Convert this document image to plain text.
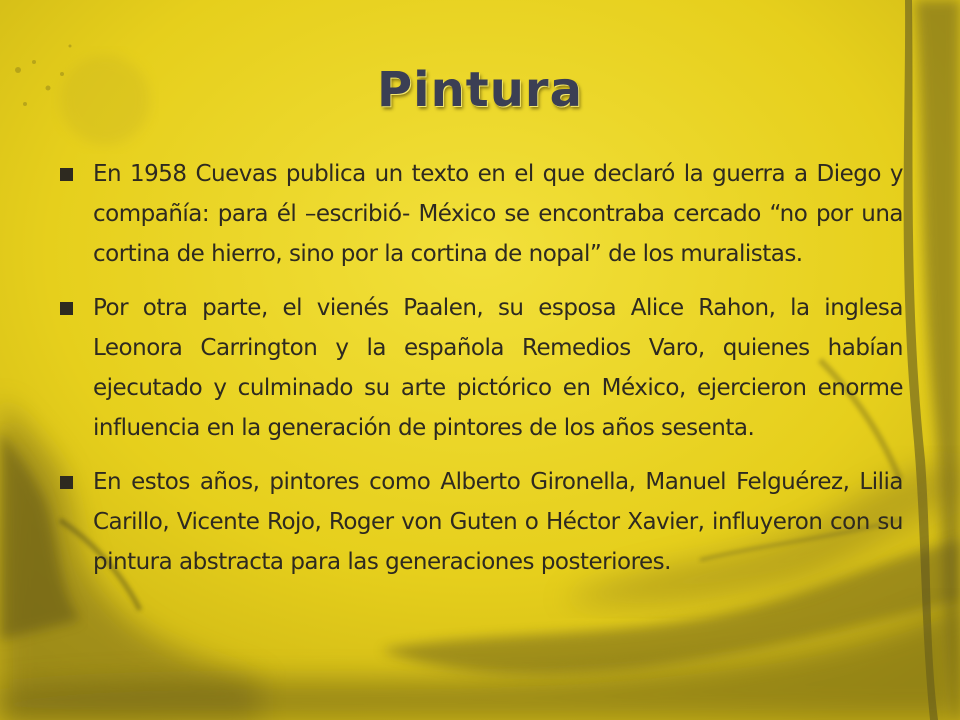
Pintura
En 1958 Cuevas publica un texto en el que declaró la guerra a Diego y compañía: para él –escribió- México se encontraba cercado “no por una cortina de hierro, sino por la cortina de nopal” de los muralistas.
Por otra parte, el vienés Paalen, su esposa Alice Rahon, la inglesa Leonora Carrington y la española Remedios Varo, quienes habían ejecutado y culminado su arte pictórico en México, ejercieron enorme influencia en la generación de pintores de los años sesenta.
En estos años, pintores como Alberto Gironella, Manuel Felguérez, Lilia Carillo, Vicente Rojo, Roger von Guten o Héctor Xavier, influyeron con su pintura abstracta para las generaciones posteriores.
